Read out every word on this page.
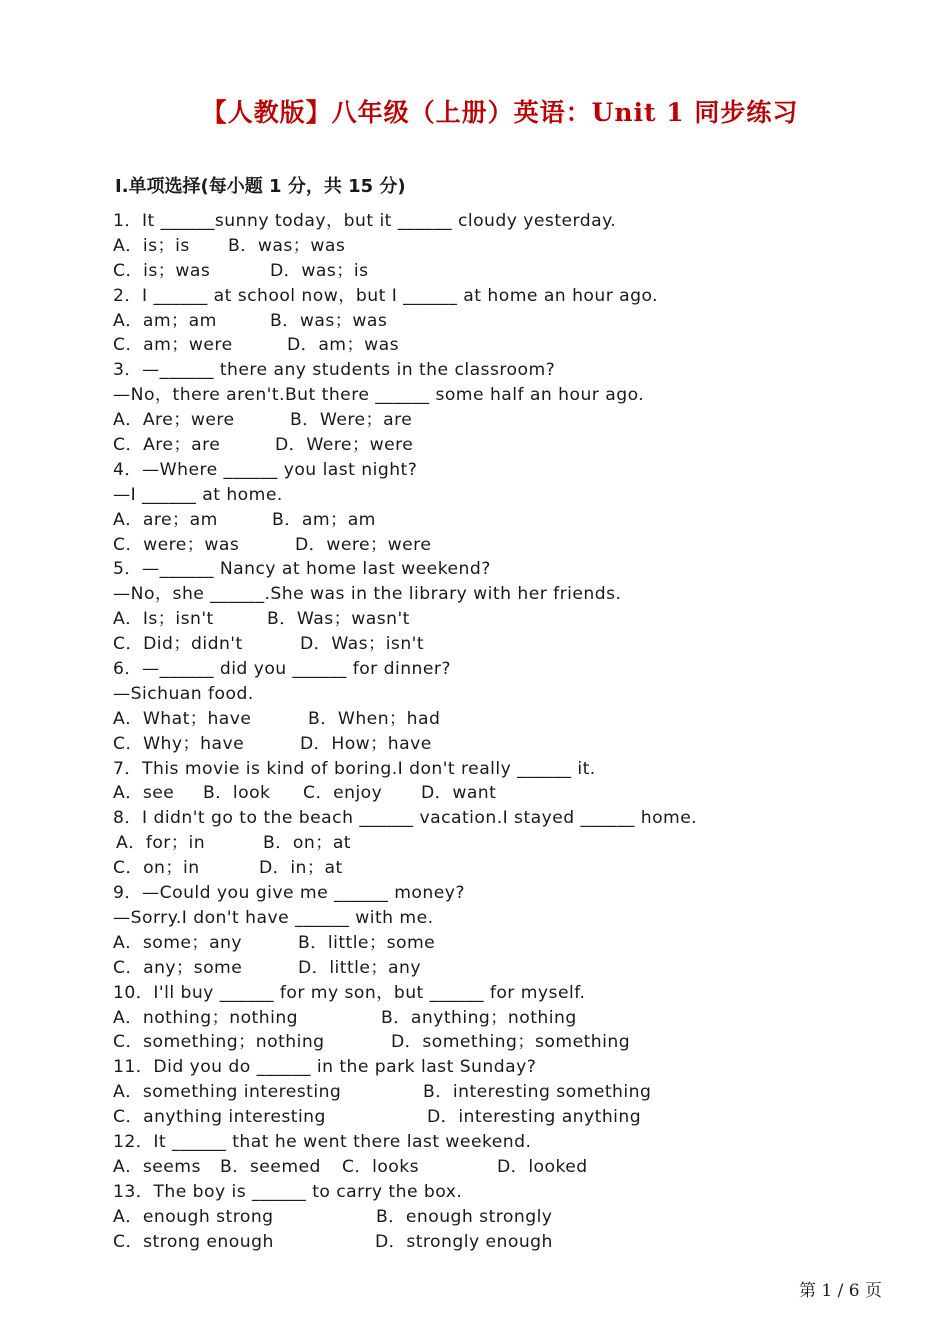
【人教版】八年级（上册）英语：Unit 1 同步练习
Ⅰ.单项选择(每小题 1 分，共 15 分)
1．It ______sunny today，but it ______ cloudy yesterday.
A．is；is B．was；was
C．is；was	D．was；is
2．I ______ at school now，but I ______ at home an hour ago.
A．am；am	B．was；was
C．am；were	D．am；was
3．—______ there any students in the classroom?
—No，there aren't.But there ______ some half an hour ago.
A．Are；were	B．Were；are
C．Are；are	D．Were；were
4．—Where ______ you last night?
—I ______ at home.
A．are；am	B．am；am
C．were；was	D．were；were
5．—______ Nancy at home last weekend?
—No，she ______.She was in the library with her friends.
A．Is；isn't	B．Was；wasn't
C．Did；didn't	D．Was；isn't
6．—______ did you ______ for dinner?
—Sichuan food.
A．What；have	B．When；had
C．Why；have	D．How；have
7．This movie is kind of boring.I don't really ______ it.
A．see B．look C．enjoy D．want
8．I didn't go to the beach ______ vacation.I stayed ______ home.
A．for；in	B．on；at
C．on；in	D．in；at
9．—Could you give me ______ money?
—Sorry.I don't have ______ with me.
A．some；any	B．little；some
C．any；some	D．little；any
10．I'll buy ______ for my son，but ______ for myself.
A．nothing；nothing	B．anything；nothing
C．something；nothing	D．something；something
11．Did you do ______ in the park last Sunday?
A．something interesting	B．interesting something
C．anything interesting	D．interesting anything
12．It ______ that he went there last weekend.
A．seems B．seemed C．looks	D．looked
13．The boy is ______ to carry the box.
A．enough strong	B．enough strongly
C．strong enough	D．strongly enough
第 1 / 6 页
